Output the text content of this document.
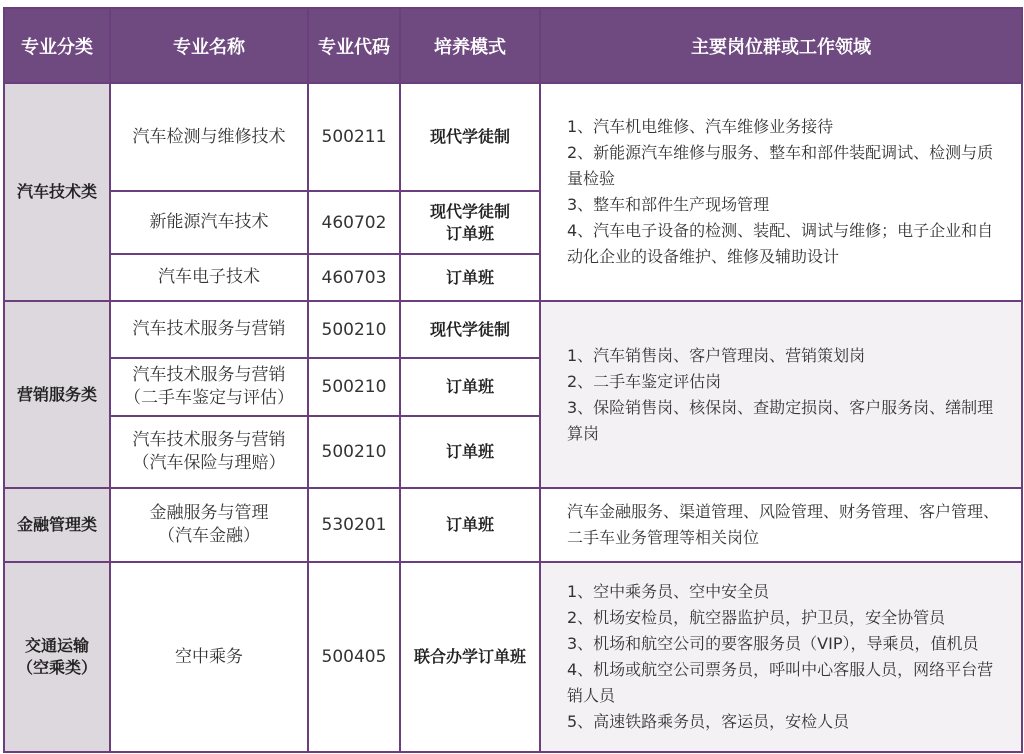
专业分类	专业名称	专业代码	培养模式	主要岗位群或工作领域

汽车技术类	汽车检测与维修技术	500211	现代学徒制	1、汽车机电维修、汽车维修业务接待
2、新能源汽车维修与服务、整车和部件装配调试、检测与质量检验
3、整车和部件生产现场管理
4、汽车电子设备的检测、装配、调试与维修；电子企业和自动化企业的设备维护、维修及辅助设计

	新能源汽车技术	460702	现代学徒制
订单班	

	汽车电子技术	460703	订单班	

营销服务类	汽车技术服务与营销	500210	现代学徒制	1、汽车销售岗、客户管理岗、营销策划岗
2、二手车鉴定评估岗
3、保险销售岗、核保岗、查勘定损岗、客户服务岗、缮制理算岗

	汽车技术服务与营销
（二手车鉴定与评估）	500210	订单班	

	汽车技术服务与营销
（汽车保险与理赔）	500210	订单班	

金融管理类	金融服务与管理
（汽车金融）	530201	订单班	汽车金融服务、渠道管理、风险管理、财务管理、客户管理、二手车业务管理等相关岗位

交通运输
（空乘类）	空中乘务	500405	联合办学订单班	1、空中乘务员、空中安全员
2、机场安检员，航空器监护员，护卫员，安全协管员
3、机场和航空公司的要客服务员（VIP），导乘员，值机员
4、机场或航空公司票务员，呼叫中心客服人员，网络平台营销人员
5、高速铁路乘务员，客运员，安检人员
